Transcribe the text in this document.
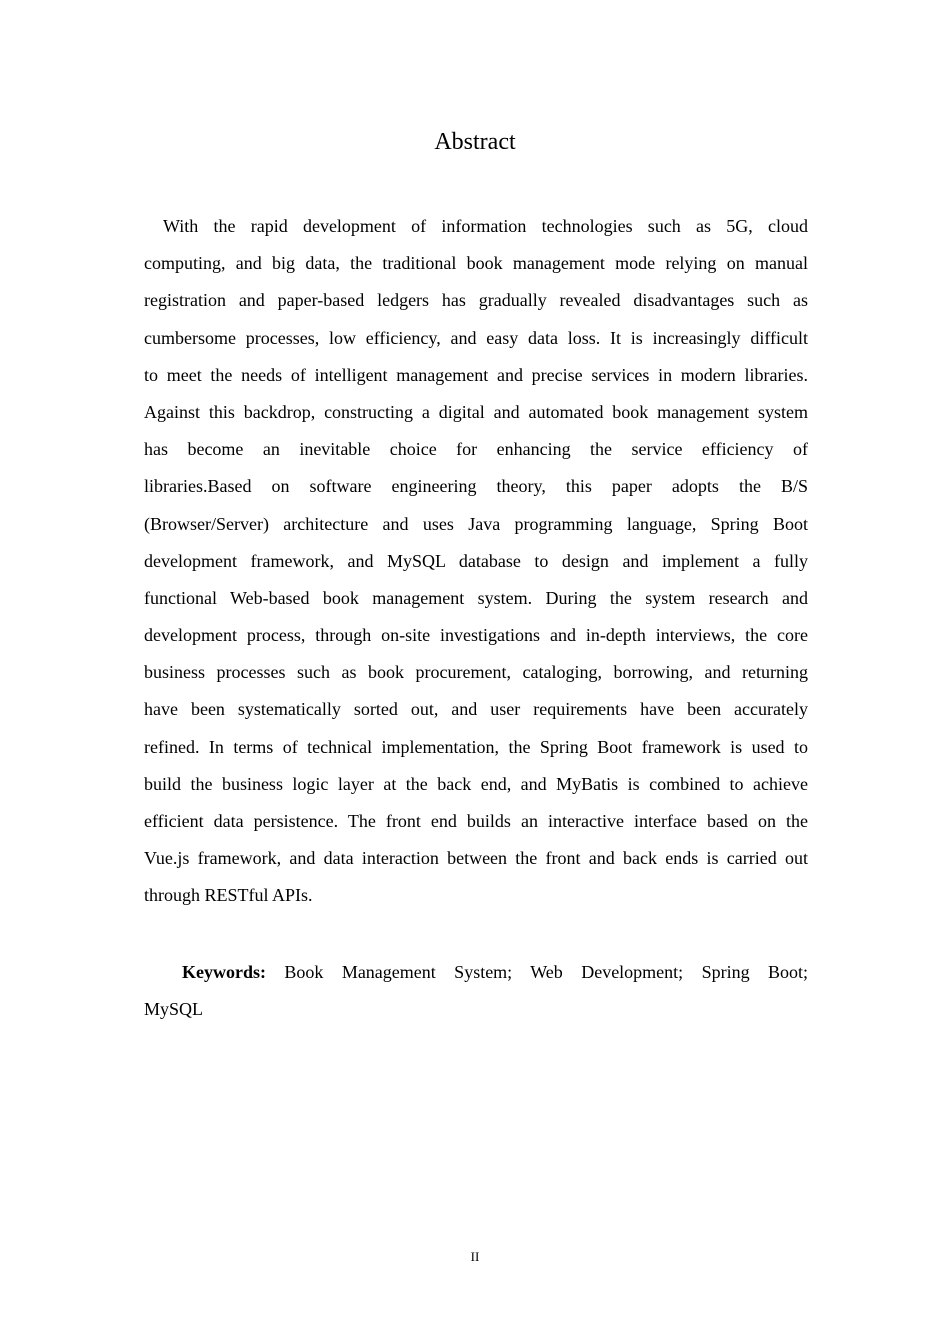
Abstract
With the rapid development of information technologies such as 5G, cloud
computing, and big data, the traditional book management mode relying on manual
registration and paper-based ledgers has gradually revealed disadvantages such as
cumbersome processes, low efficiency, and easy data loss. It is increasingly difficult
to meet the needs of intelligent management and precise services in modern libraries.
Against this backdrop, constructing a digital and automated book management system
has become an inevitable choice for enhancing the service efficiency of
libraries.Based on software engineering theory, this paper adopts the B/S
(Browser/Server) architecture and uses Java programming language, Spring Boot
development framework, and MySQL database to design and implement a fully
functional Web-based book management system. During the system research and
development process, through on-site investigations and in-depth interviews, the core
business processes such as book procurement, cataloging, borrowing, and returning
have been systematically sorted out, and user requirements have been accurately
refined. In terms of technical implementation, the Spring Boot framework is used to
build the business logic layer at the back end, and MyBatis is combined to achieve
efficient data persistence. The front end builds an interactive interface based on the
Vue.js framework, and data interaction between the front and back ends is carried out
through RESTful APIs.
Keywords: Book Management System; Web Development; Spring Boot;
MySQL
II
